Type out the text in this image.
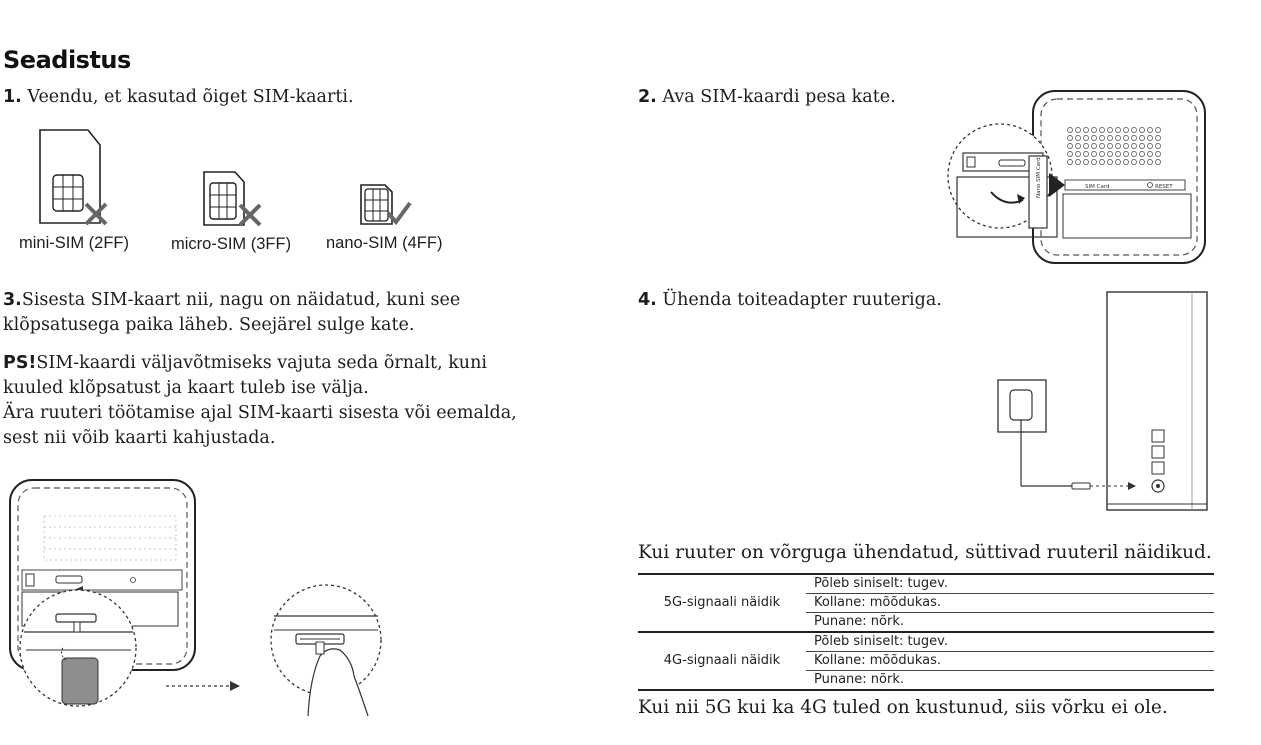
Seadistus
1. Veendu, et kasutad õiget SIM-kaarti.
mini-SIM (2FF)	micro-SIM (3FF) nano-SIM (4FF)
2. Ava SIM-kaardi pesa kate.
SIM Card	RESET
Nano SIM Card
3.Sisesta SIM-kaart nii, nagu on näidatud, kuni see
klõpsatusega paika läheb. Seejärel sulge kate.
PS!SIM-kaardi väljavõtmiseks vajuta seda õrnalt, kuni
kuuled klõpsatust ja kaart tuleb ise välja.
Ära ruuteri töötamise ajal SIM-kaarti sisesta või eemalda,
sest nii võib kaarti kahjustada.
4. Ühenda toiteadapter ruuteriga.
Kui ruuter on võrguga ühendatud, süttivad ruuteril näidikud.
5G-signaali näidik	Põleb siniselt: tugev.
	Kollane: mõõdukas.
	Punane: nõrk.
4G-signaali näidik	Põleb siniselt: tugev.
	Kollane: mõõdukas.
	Punane: nõrk.
Kui nii 5G kui ka 4G tuled on kustunud, siis võrku ei ole.
